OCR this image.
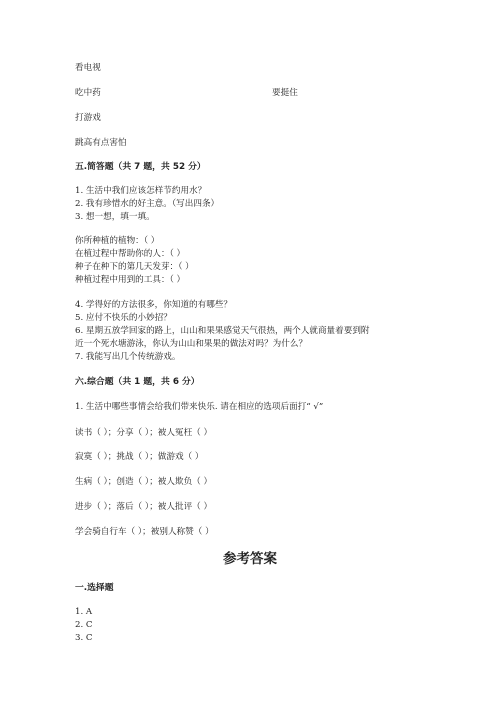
看电视
吃中药	要挺住
打游戏
跳高有点害怕
五.简答题（共 7 题，共 52 分）
1. 生活中我们应该怎样节约用水？
2. 我有珍惜水的好主意。（写出四条）
3. 想一想，填一填。
你所种植的植物：（ ）
在植过程中帮助你的人：（ ）
种子在种下的第几天发芽：（ ）
种植过程中用到的工具：（ ）
4. 学得好的方法很多，你知道的有哪些？
5. 应付不快乐的小妙招？
6. 星期五放学回家的路上，山山和果果感觉天气很热，两个人就商量着要到附
近一个死水塘游泳，你认为山山和果果的做法对吗？为什么？
7. 我能写出几个传统游戏。
六.综合题（共 1 题，共 6 分）
1. 生活中哪些事情会给我们带来快乐. 请在相应的选项后面打“ √”
读书（ ）；分享（ ）；被人冤枉（ ）
寂寞（ ）；挑战（ ）；做游戏（ ）
生病（ ）；创造（ ）；被人欺负（ ）
进步（ ）；落后（ ）；被人批评（ ）
学会骑自行车（ ）；被别人称赞（ ）
参考答案
一.选择题
1. A
2. C
3. C
